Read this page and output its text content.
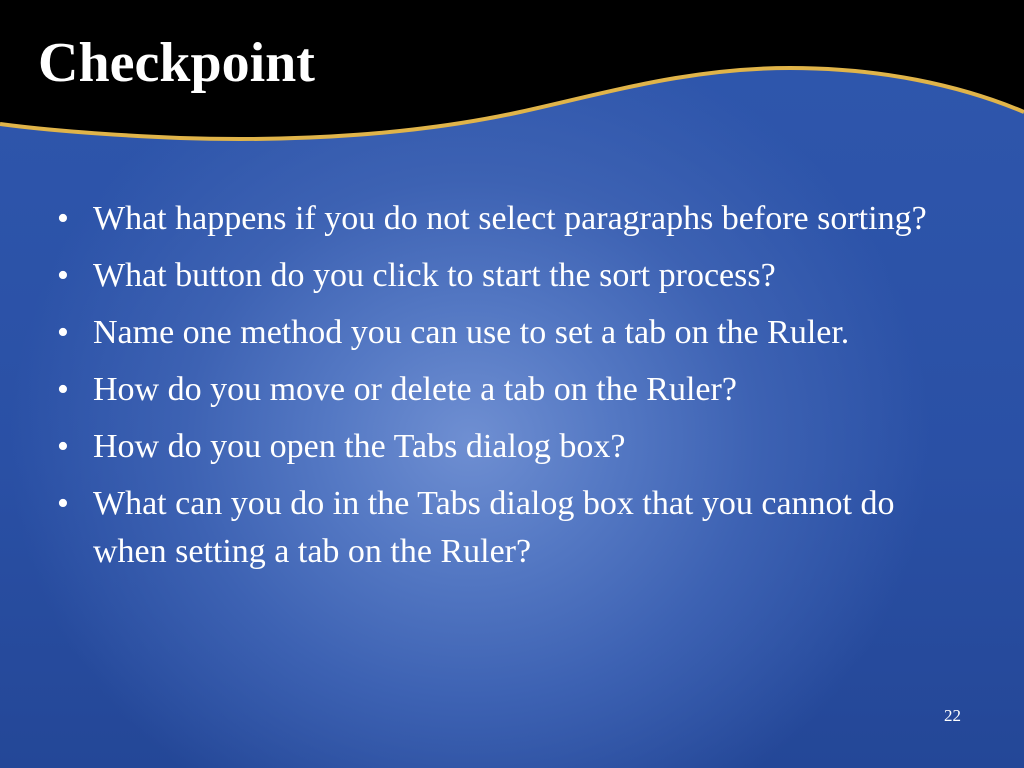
Checkpoint
• What happens if you do not select paragraphs before sorting?
• What button do you click to start the sort process?
• Name one method you can use to set a tab on the Ruler.
• How do you move or delete a tab on the Ruler?
• How do you open the Tabs dialog box?
• What can you do in the Tabs dialog box that you cannot do when setting a tab on the Ruler?
22
